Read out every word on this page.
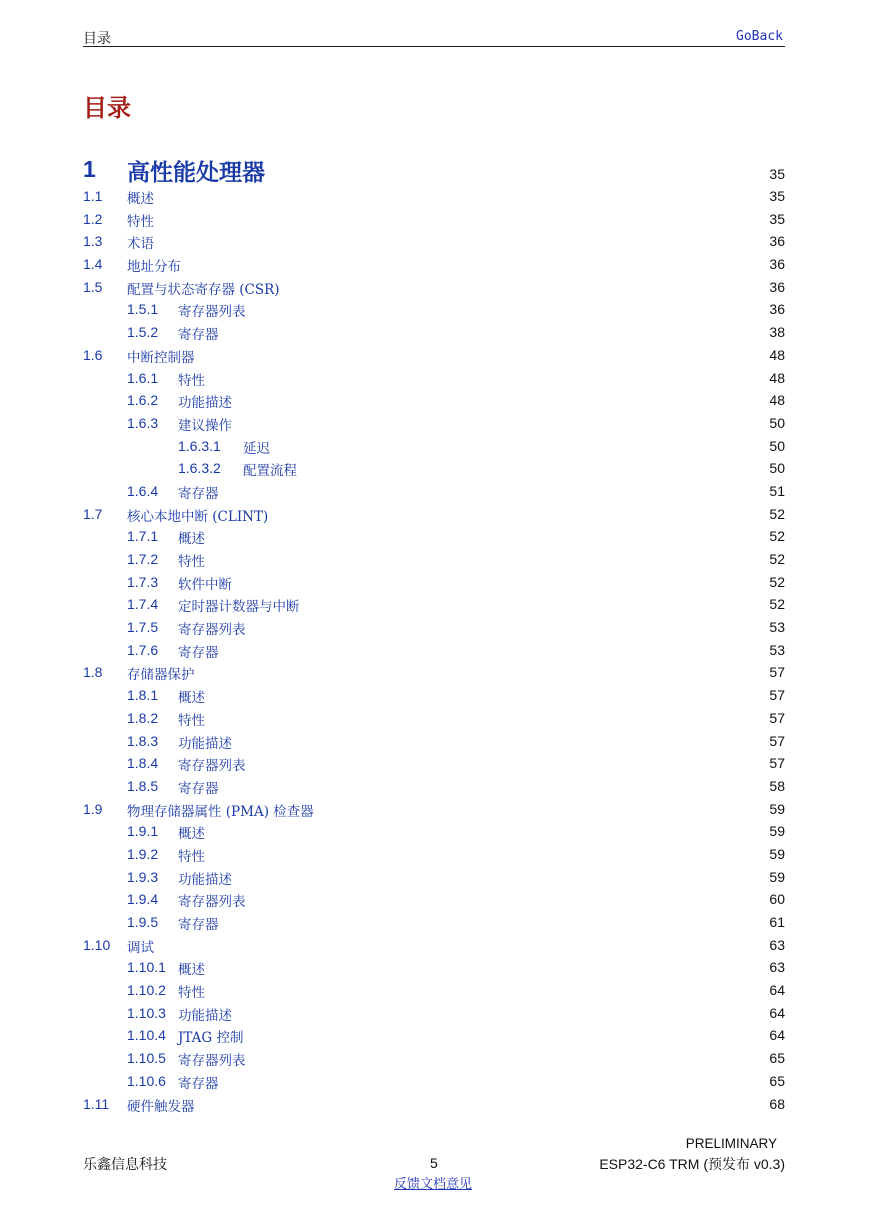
目录	GoBack
目录
1 高性能处理器	35
1.1 概述	35
1.2 特性	35
1.3 术语	36
1.4 地址分布	36
1.5 配置与状态寄存器 (CSR)	36
1.5.1 寄存器列表	36
1.5.2 寄存器	38
1.6 中断控制器	48
1.6.1 特性	48
1.6.2 功能描述	48
1.6.3 建议操作	50
1.6.3.1 延迟	50
1.6.3.2 配置流程	50
1.6.4 寄存器	51
1.7 核心本地中断 (CLINT)	52
1.7.1 概述	52
1.7.2 特性	52
1.7.3 软件中断	52
1.7.4 定时器计数器与中断	52
1.7.5 寄存器列表	53
1.7.6 寄存器	53
1.8 存储器保护	57
1.8.1 概述	57
1.8.2 特性	57
1.8.3 功能描述	57
1.8.4 寄存器列表	57
1.8.5 寄存器	58
1.9 物理存储器属性 (PMA) 检查器	59
1.9.1 概述	59
1.9.2 特性	59
1.9.3 功能描述	59
1.9.4 寄存器列表	60
1.9.5 寄存器	61
1.10 调试	63
1.10.1 概述	63
1.10.2 特性	64
1.10.3 功能描述	64
1.10.4 JTAG 控制	64
1.10.5 寄存器列表	65
1.10.6 寄存器	65
1.11 硬件触发器	68
乐鑫信息科技	5
PRELIMINARY
ESP32-C6 TRM (预发布 v0.3)
反馈文档意见
